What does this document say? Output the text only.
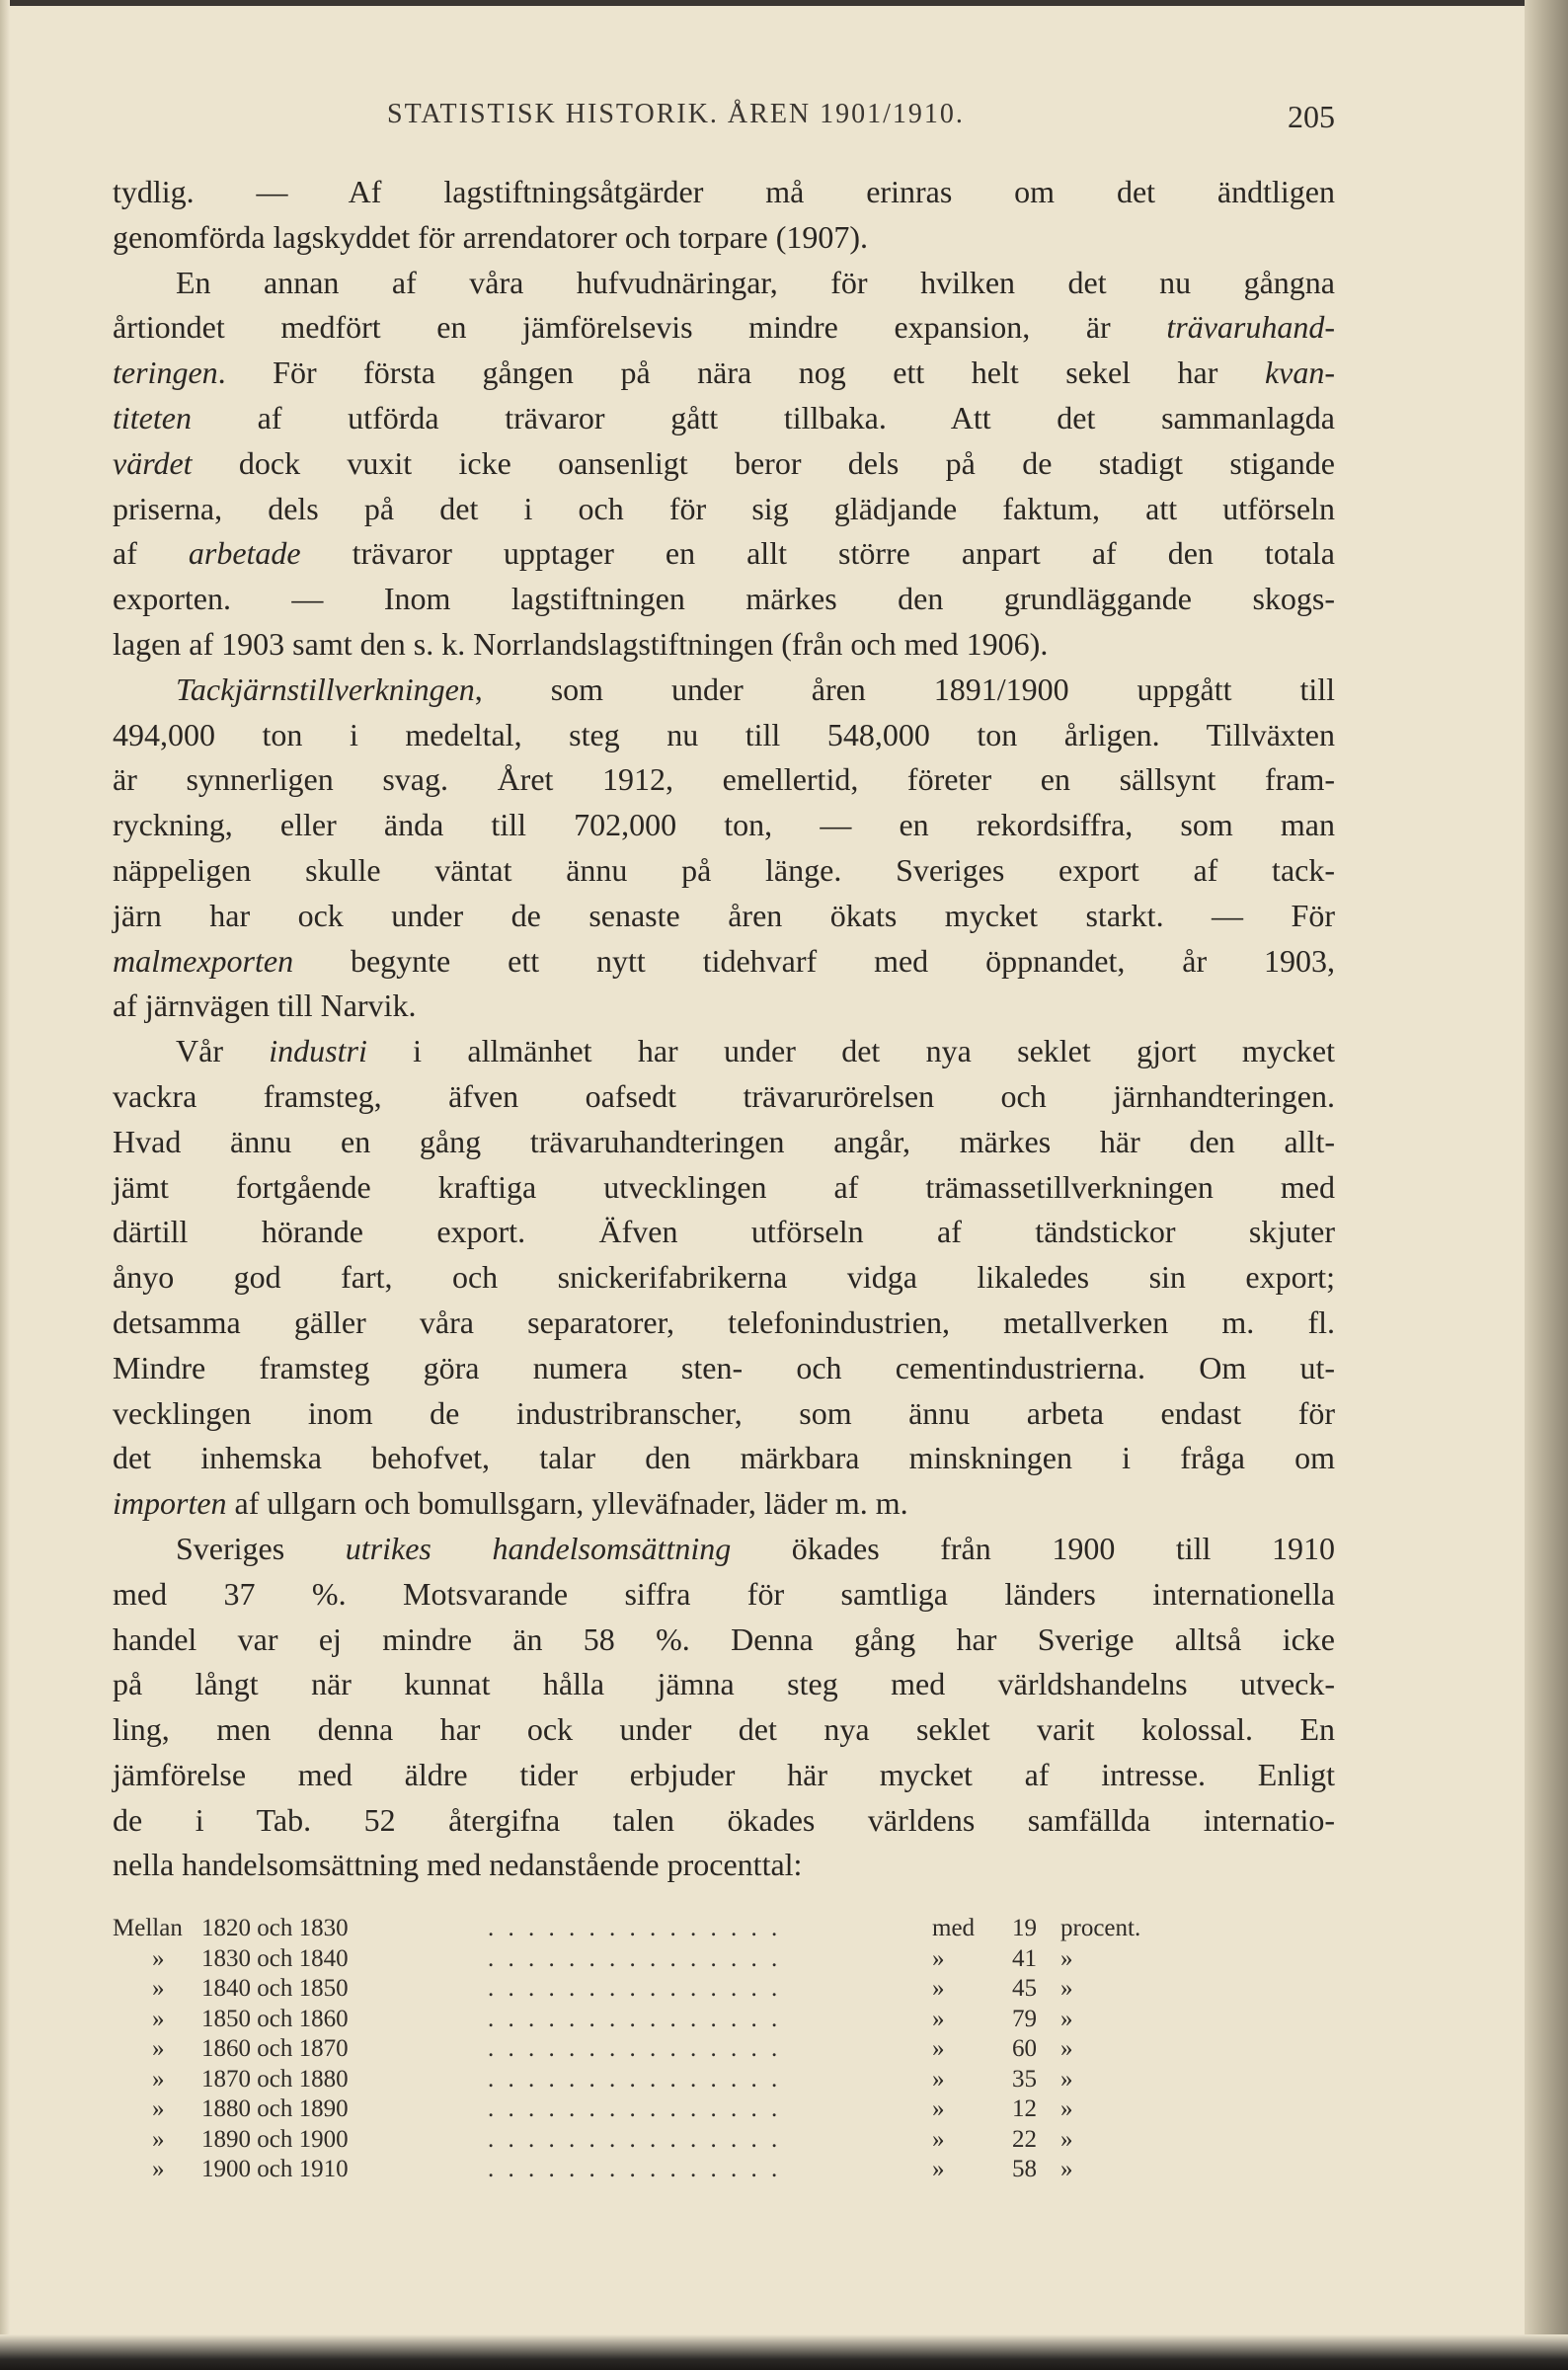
STATISTISK HISTORIK. ÅREN 1901/1910.	205
tydlig. — Af lagstiftningsåtgärder må erinras om det ändtligen
genomförda lagskyddet för arrendatorer och torpare (1907).
  En annan af våra hufvudnäringar, för hvilken det nu gångna
årtiondet medfört en jämförelsevis mindre expansion, är trävaruhand-
teringen. För första gången på nära nog ett helt sekel har kvan-
titeten af utförda trävaror gått tillbaka. Att det sammanlagda
värdet dock vuxit icke oansenligt beror dels på de stadigt stigande
priserna, dels på det i och för sig glädjande faktum, att utförseln
af arbetade trävaror upptager en allt större anpart af den totala
exporten. — Inom lagstiftningen märkes den grundläggande skogs-
lagen af 1903 samt den s. k. Norrlandslagstiftningen (från och med 1906).
  Tackjärnstillverkningen, som under åren 1891/1900 uppgått till
494,000 ton i medeltal, steg nu till 548,000 ton årligen. Tillväxten
är synnerligen svag. Året 1912, emellertid, företer en sällsynt fram-
ryckning, eller ända till 702,000 ton, — en rekordsiffra, som man
näppeligen skulle väntat ännu på länge. Sveriges export af tack-
järn har ock under de senaste åren ökats mycket starkt. — För
malmexporten begynte ett nytt tidehvarf med öppnandet, år 1903,
af järnvägen till Narvik.
  Vår industri i allmänhet har under det nya seklet gjort mycket
vackra framsteg, äfven oafsedt trävarurörelsen och järnhandteringen.
Hvad ännu en gång trävaruhandteringen angår, märkes här den allt-
jämt fortgående kraftiga utvecklingen af trämassetillverkningen med
därtill hörande export. Äfven utförseln af tändstickor skjuter
ånyo god fart, och snickerifabrikerna vidga likaledes sin export;
detsamma gäller våra separatorer, telefonindustrien, metallverken m. fl.
Mindre framsteg göra numera sten- och cementindustrierna. Om ut-
vecklingen inom de industribranscher, som ännu arbeta endast för
det inhemska behofvet, talar den märkbara minskningen i fråga om
importen af ullgarn och bomullsgarn, ylleväfnader, läder m. m.
  Sveriges utrikes handelsomsättning ökades från 1900 till 1910
med 37 %. Motsvarande siffra för samtliga länders internationella
handel var ej mindre än 58 %. Denna gång har Sverige alltså icke
på långt när kunnat hålla jämna steg med världshandelns utveck-
ling, men denna har ock under det nya seklet varit kolossal. En
jämförelse med äldre tider erbjuder här mycket af intresse. Enligt
de i Tab. 52 återgifna talen ökades världens samfällda internatio-
nella handelsomsättning med nedanstående procenttal:
Mellan 1820 och 1830	med	19 procent.
. . . . . . . . . . . . . . .
»	1830 och 1840	»	41 »
. . . . . . . . . . . . . . .
»	1840 och 1850	»	45 »
. . . . . . . . . . . . . . .
»	1850 och 1860	»	79 »
. . . . . . . . . . . . . . .
»	1860 och 1870	»	60 »
. . . . . . . . . . . . . . .
»	1870 och 1880	»	35 »
. . . . . . . . . . . . . . .
»	1880 och 1890	»	12 »
. . . . . . . . . . . . . . .
»	1890 och 1900	»	22 »
. . . . . . . . . . . . . . .
»	1900 och 1910	»	58 »
. . . . . . . . . . . . . . .
